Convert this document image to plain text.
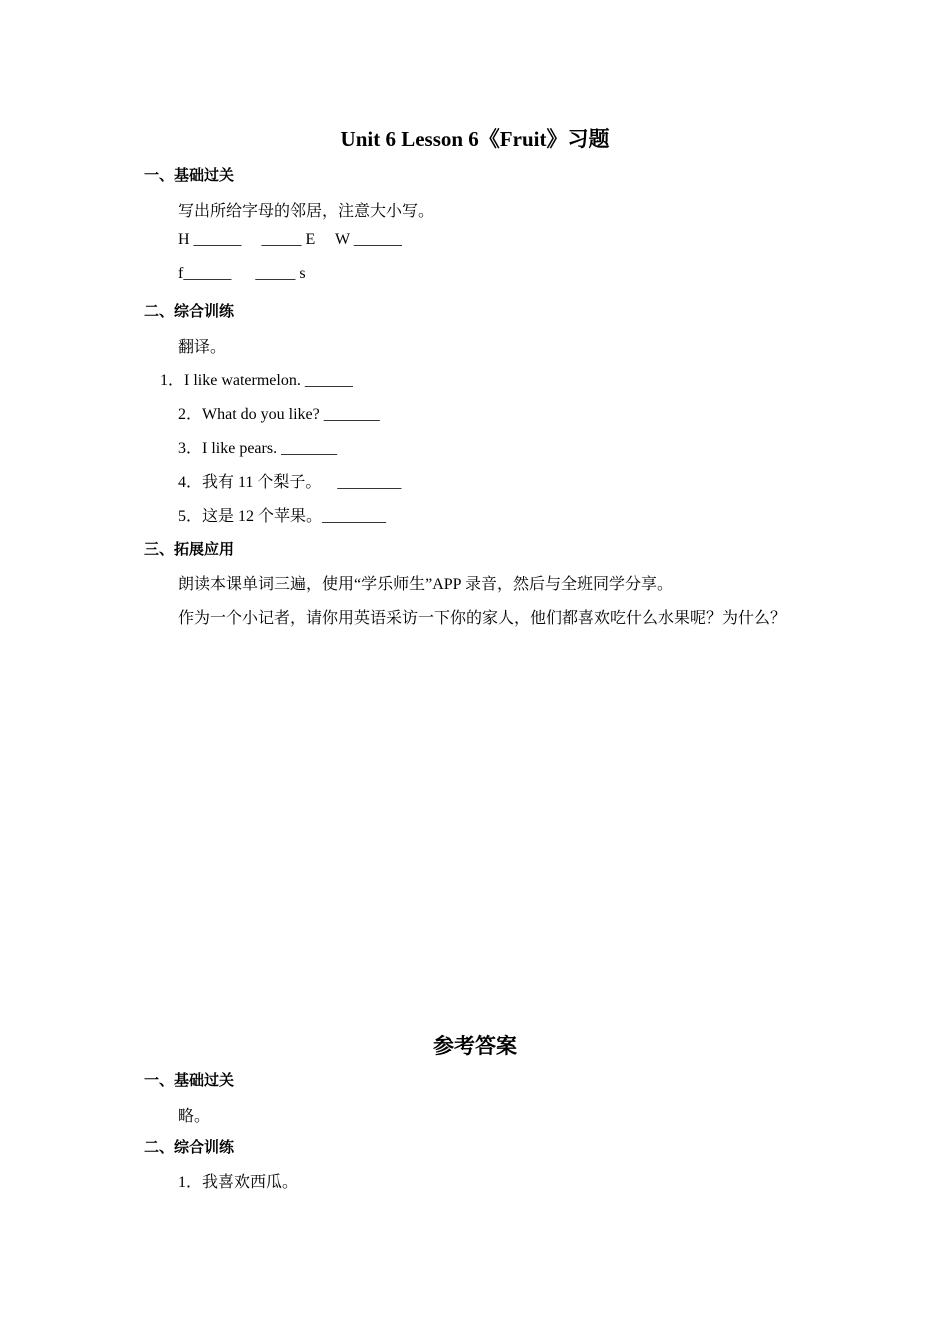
Unit 6 Lesson 6《Fruit》习题
一、基础过关
写出所给字母的邻居，注意大小写。
H ______     _____ E     W ______
f______      _____ s
二、综合训练
翻译。
1．I like watermelon. ______
2．What do you like? _______
3．I like pears. _______
4．我有 11 个梨子。    ________
5．这是 12 个苹果。________
三、拓展应用
朗读本课单词三遍，使用“学乐师生”APP 录音，然后与全班同学分享。
作为一个小记者，请你用英语采访一下你的家人，他们都喜欢吃什么水果呢？为什么？
参考答案
一、基础过关
略。
二、综合训练
1．我喜欢西瓜。
